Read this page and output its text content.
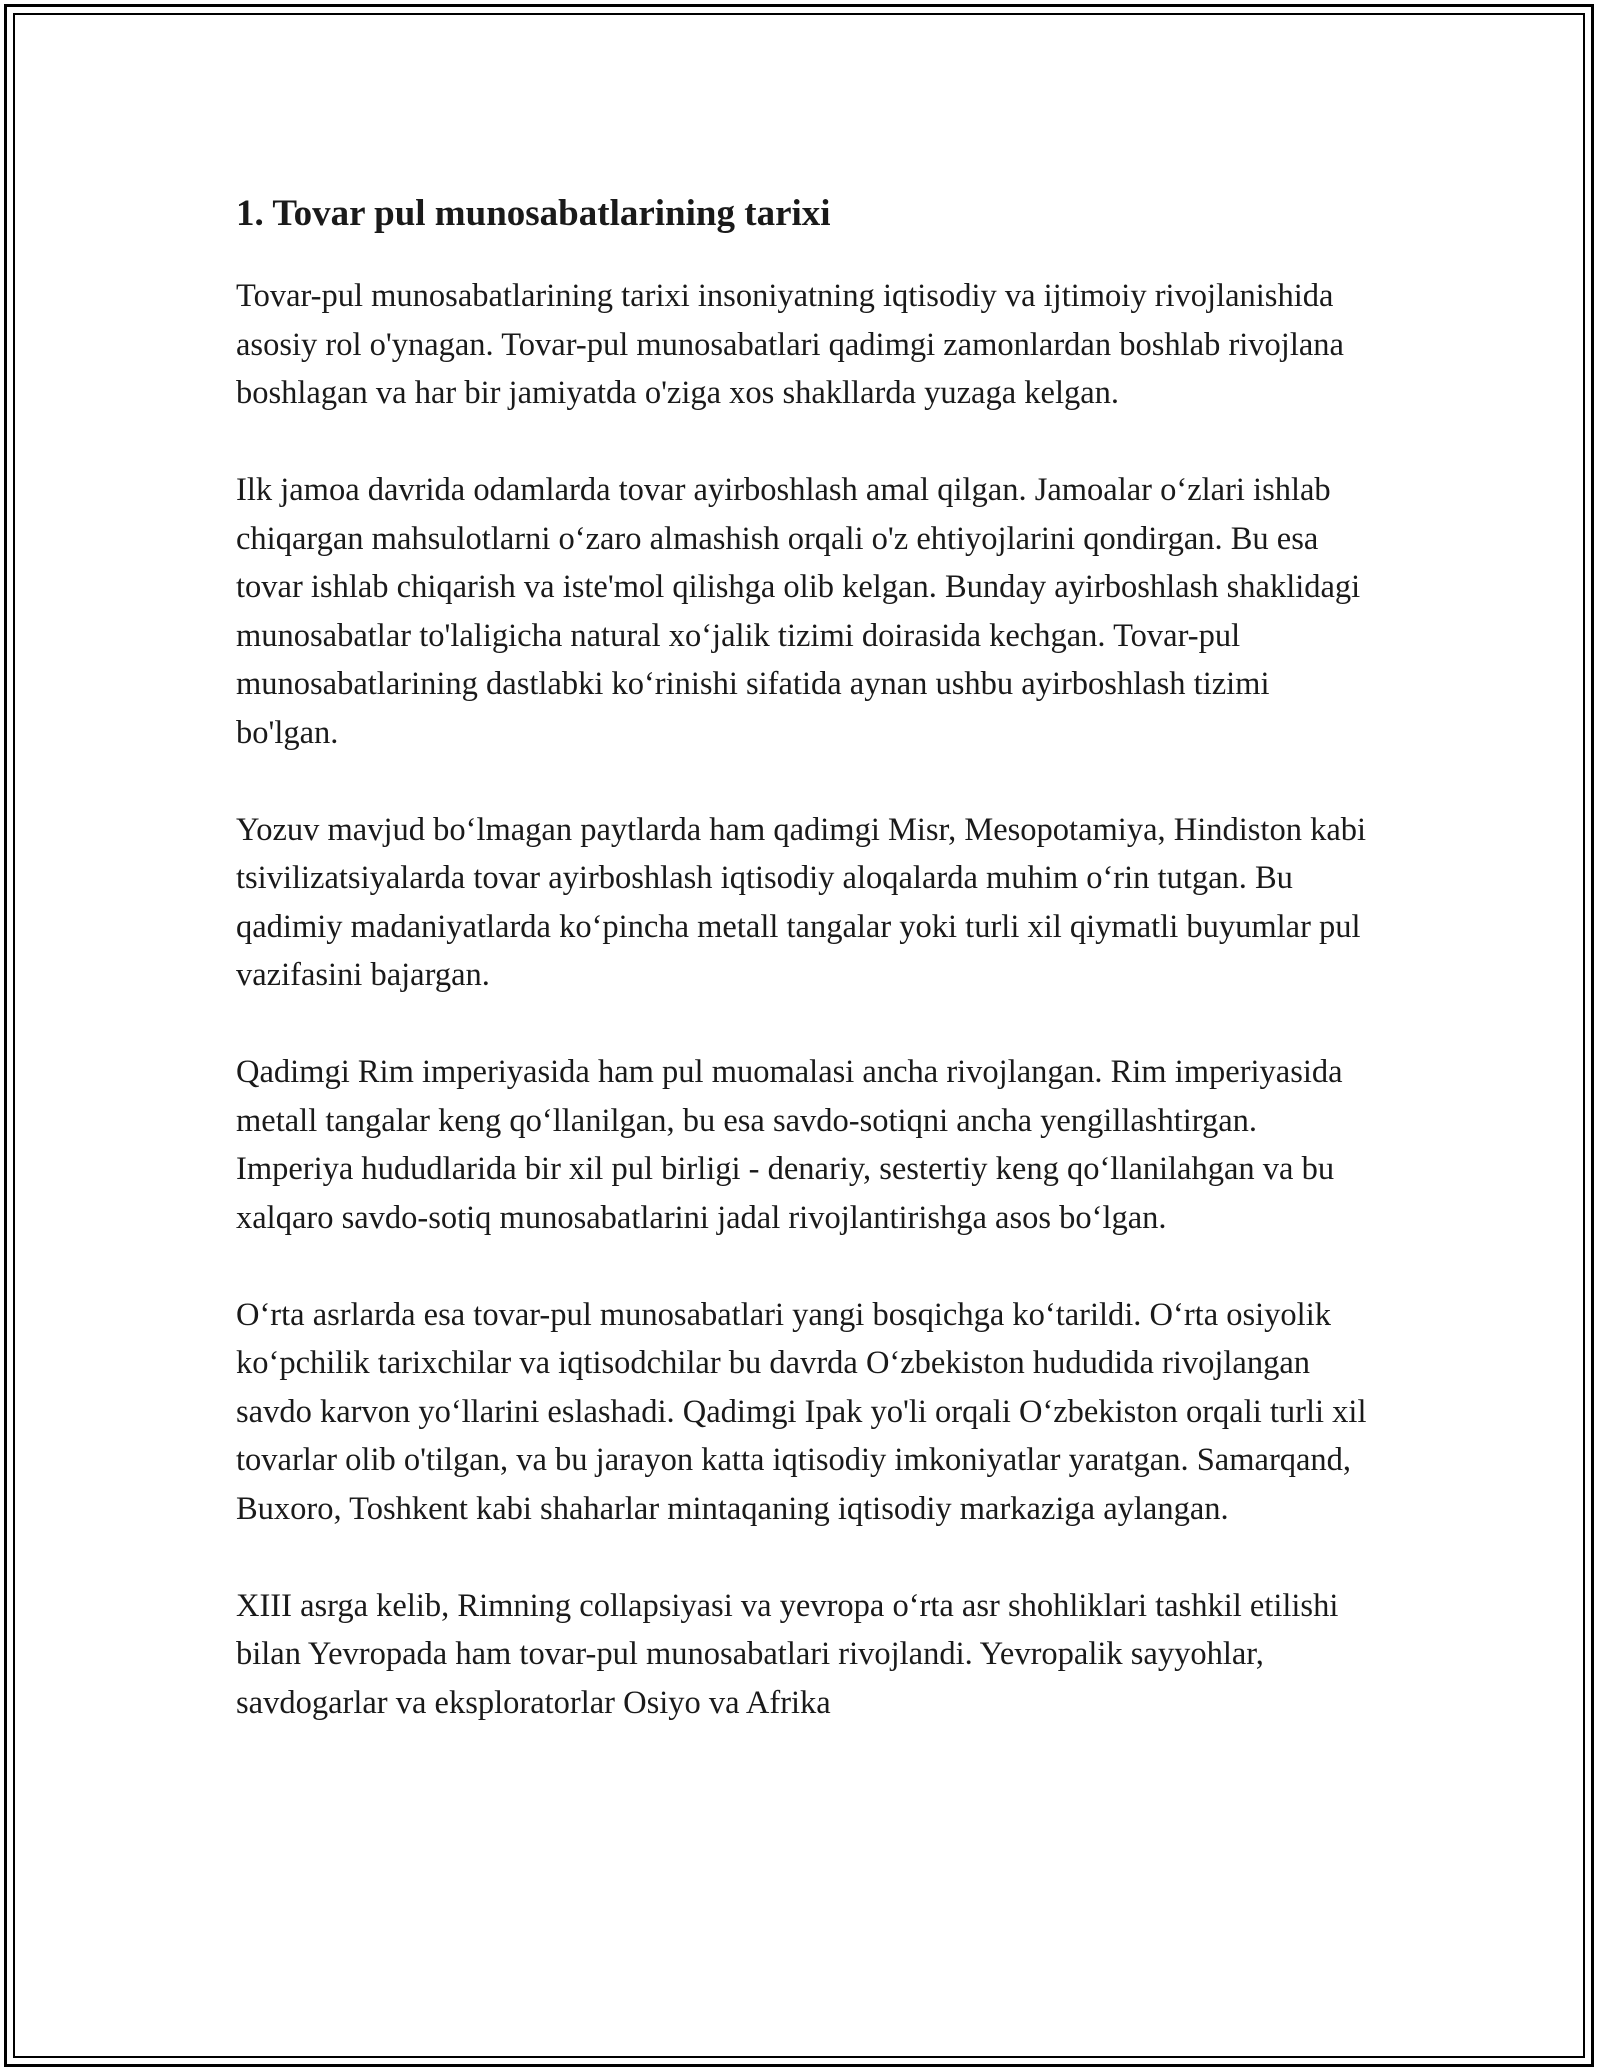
1. Tovar pul munosabatlarining tarixi

Tovar-pul munosabatlarining tarixi insoniyatning iqtisodiy va ijtimoiy rivojlanishida asosiy rol o'ynagan. Tovar-pul munosabatlari qadimgi zamonlardan boshlab rivojlana boshlagan va har bir jamiyatda o'ziga xos shakllarda yuzaga kelgan.

Ilk jamoa davrida odamlarda tovar ayirboshlash amal qilgan. Jamoalar o‘zlari ishlab chiqargan mahsulotlarni o‘zaro almashish orqali o'z ehtiyojlarini qondirgan. Bu esa tovar ishlab chiqarish va iste'mol qilishga olib kelgan. Bunday ayirboshlash shaklidagi munosabatlar to'laligicha natural xo‘jalik tizimi doirasida kechgan. Tovar-pul munosabatlarining dastlabki ko‘rinishi sifatida aynan ushbu ayirboshlash tizimi bo'lgan.

Yozuv mavjud bo‘lmagan paytlarda ham qadimgi Misr, Mesopotamiya, Hindiston kabi tsivilizatsiyalarda tovar ayirboshlash iqtisodiy aloqalarda muhim o‘rin tutgan. Bu qadimiy madaniyatlarda ko‘pincha metall tangalar yoki turli xil qiymatli buyumlar pul vazifasini bajargan.

Qadimgi Rim imperiyasida ham pul muomalasi ancha rivojlangan. Rim imperiyasida metall tangalar keng qo‘llanilgan, bu esa savdo-sotiqni ancha yengillashtirgan. Imperiya hududlarida bir xil pul birligi - denariy, sestertiy keng qo‘llanilahgan va bu xalqaro savdo-sotiq munosabatlarini jadal rivojlantirishga asos bo‘lgan.

O‘rta asrlarda esa tovar-pul munosabatlari yangi bosqichga ko‘tarildi. O‘rta osiyolik ko‘pchilik tarixchilar va iqtisodchilar bu davrda O‘zbekiston hududida rivojlangan savdo karvon yo‘llarini eslashadi. Qadimgi Ipak yo'li orqali O‘zbekiston orqali turli xil tovarlar olib o'tilgan, va bu jarayon katta iqtisodiy imkoniyatlar yaratgan. Samarqand, Buxoro, Toshkent kabi shaharlar mintaqaning iqtisodiy markaziga aylangan.

XIII asrga kelib, Rimning collapsiyasi va yevropa o‘rta asr shohliklari tashkil etilishi bilan Yevropada ham tovar-pul munosabatlari rivojlandi. Yevropalik sayyohlar, savdogarlar va eksploratorlar Osiyo va Afrika
